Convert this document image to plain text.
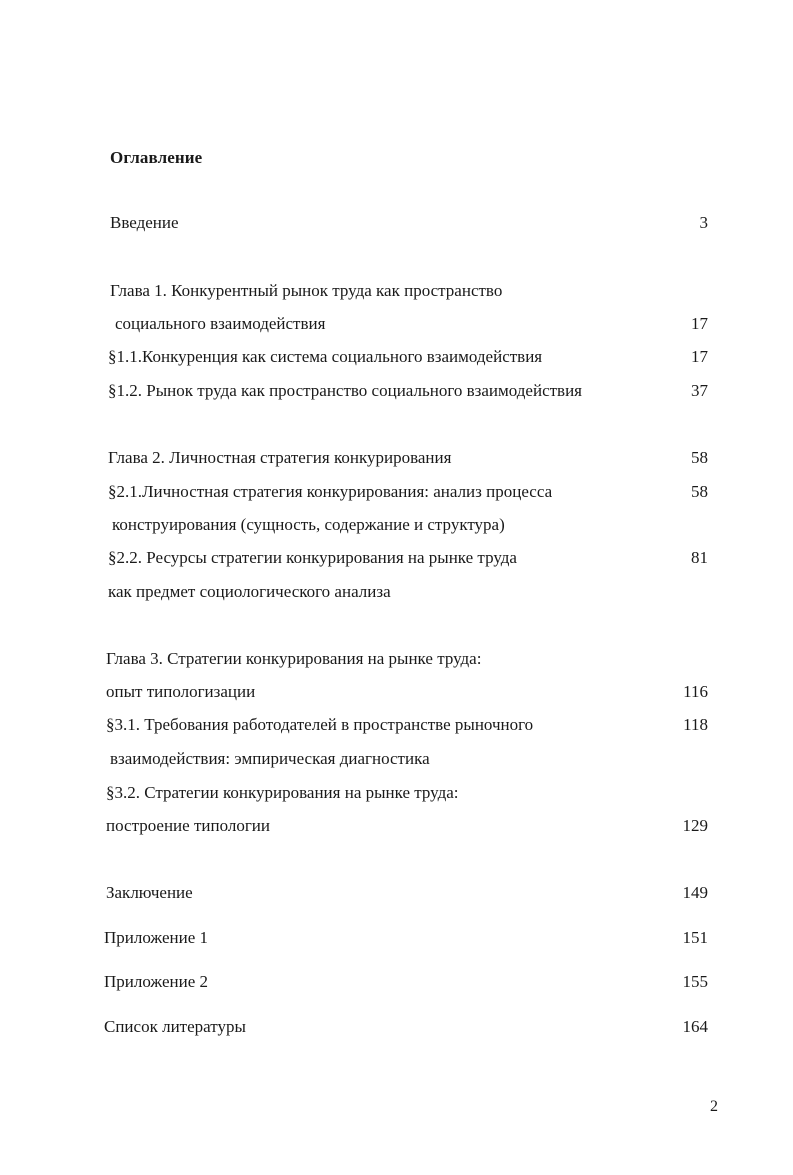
Оглавление
Введение	3
Глава 1. Конкурентный рынок труда как пространство
социального взаимодействия	17
§1.1.Конкуренция как система социального взаимодействия	17
§1.2. Рынок труда как пространство социального взаимодействия	37
Глава 2. Личностная стратегия конкурирования	58
§2.1.Личностная стратегия конкурирования: анализ процесса	58
конструирования (сущность, содержание и структура)
§2.2. Ресурсы стратегии конкурирования на рынке труда	81
как предмет социологического анализа
Глава 3. Стратегии конкурирования на рынке труда:
опыт типологизации	116
§3.1. Требования работодателей в пространстве рыночного	118
взаимодействия: эмпирическая диагностика
§3.2. Стратегии конкурирования на рынке труда:
построение типологии	129
Заключение	149
Приложение 1	151
Приложение 2	155
Список литературы	164
2
